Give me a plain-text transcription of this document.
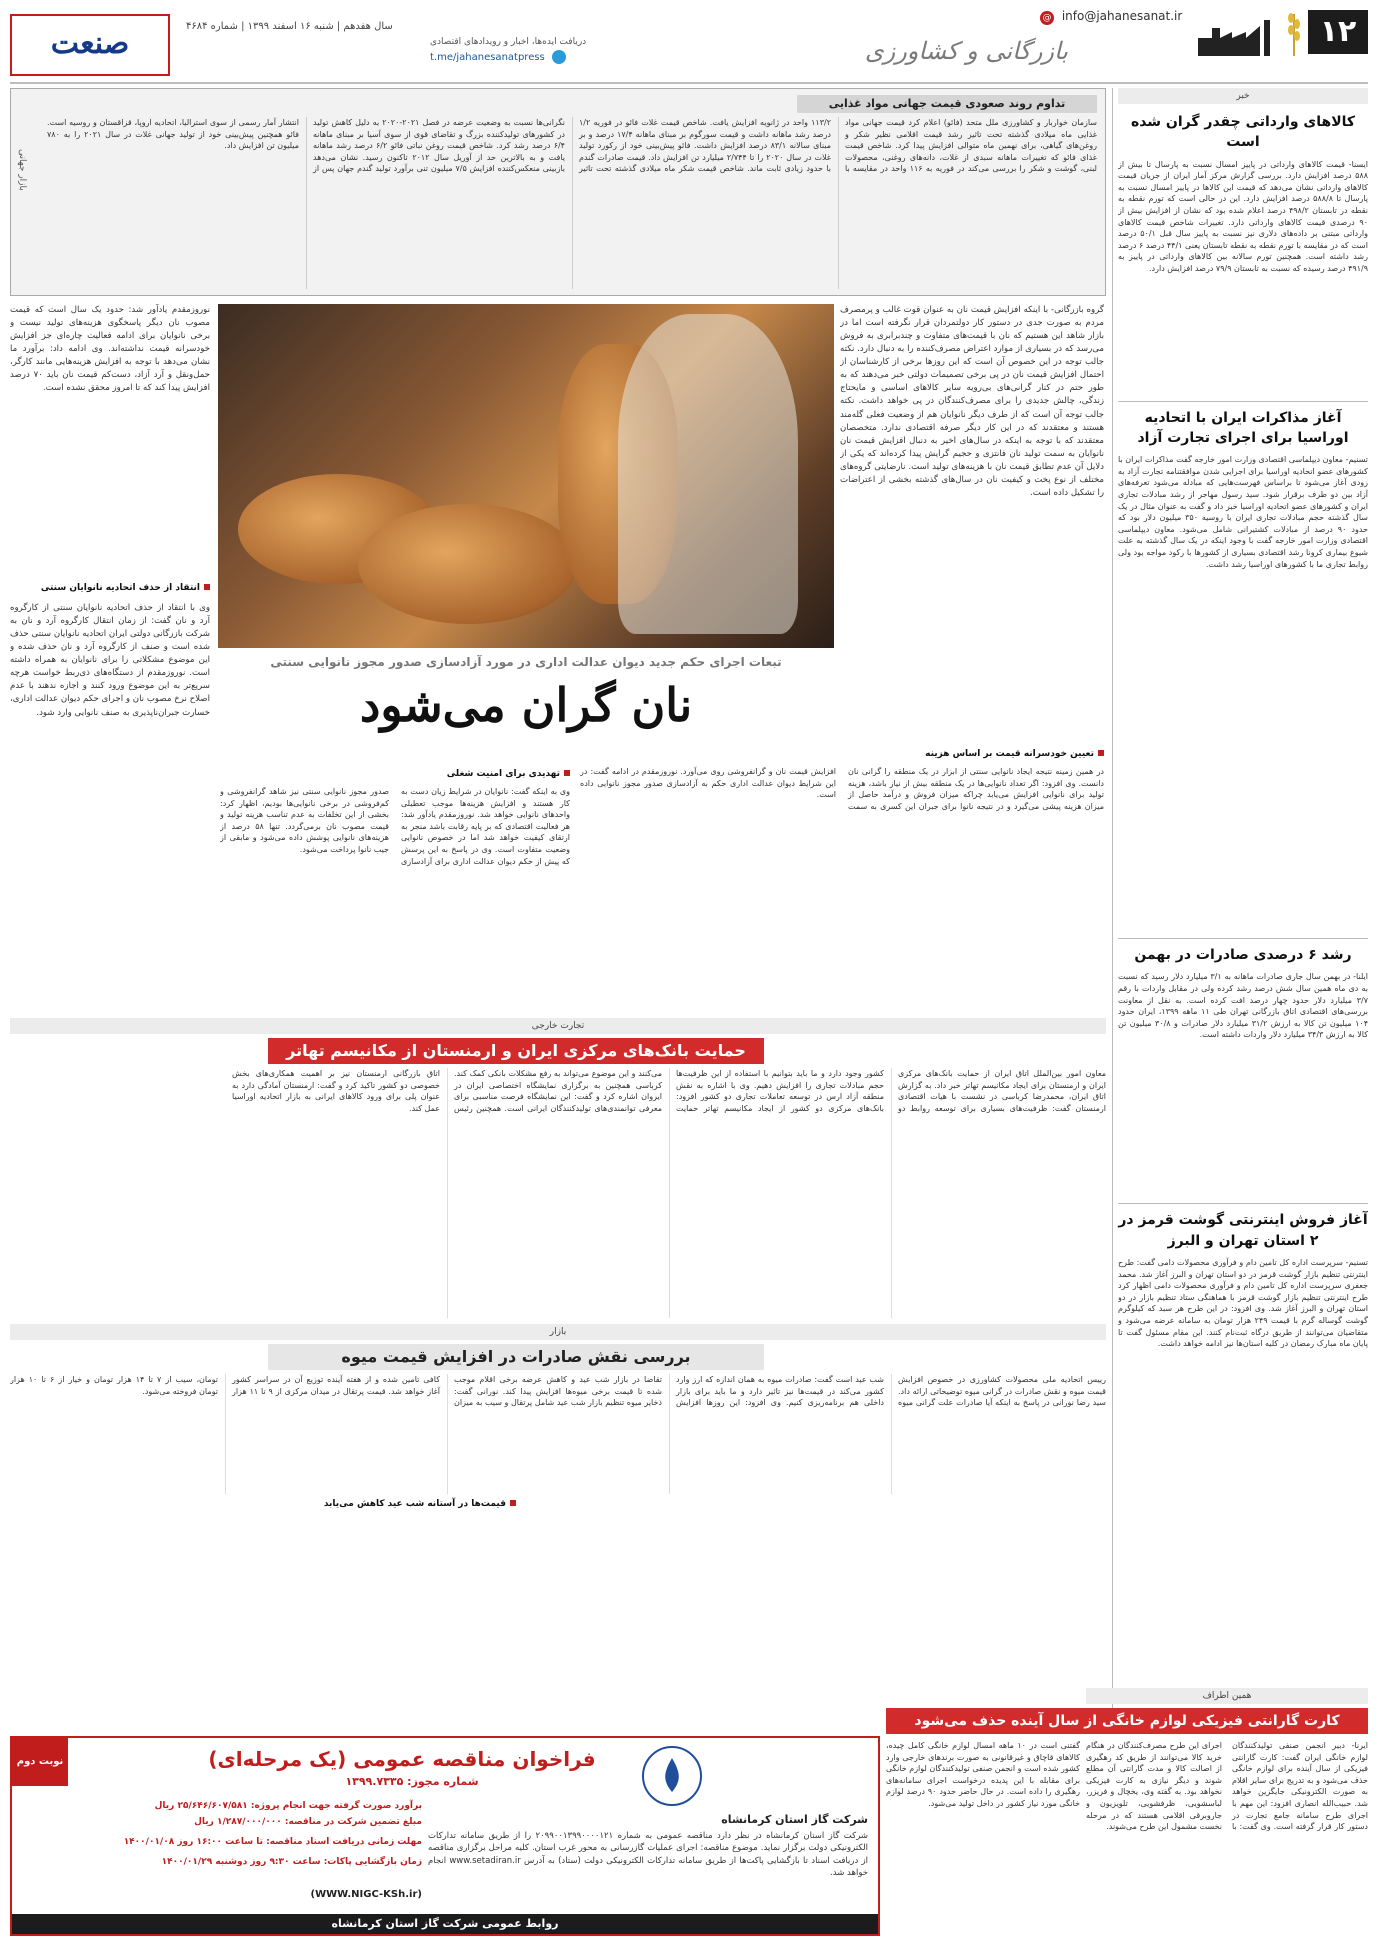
۱۲
بازرگانی و کشاورزی
info@jahanesanat.ir @
دریافت ایده‌ها، اخبار و رویدادهای اقتصادی
t.me/jahanesanatpress
سال هفدهم | شنبه ۱۶ اسفند ۱۳۹۹ | شماره ۴۶۸۴
صنعت
خبر
کالاهای وارداتی چقدر گران شده است
ایسنا- قیمت کالاهای وارداتی در پاییز امسال نسبت به پارسال تا بیش از ۵۸۸ درصد افزایش دارد. بررسی گزارش مرکز آمار ایران از جریان قیمت کالاهای وارداتی نشان می‌دهد که قیمت این کالاها در پاییز امسال نسبت به پارسال تا ۵۸۸/۸ درصد افزایش دارد. این در حالی است که تورم نقطه به نقطه در تابستان ۴۹۸/۲ درصد اعلام شده بود که نشان از افزایش بیش از ۹۰ درصدی قیمت کالاهای وارداتی دارد. تغییرات شاخص قیمت کالاهای وارداتی مبتنی بر داده‌های دلاری نیز نسبت به پاییز سال قبل ۵۰/۱ درصد است که در مقایسه با تورم نقطه به نقطه تابستان یعنی ۴۴/۱ درصد ۶ درصد رشد داشته است. همچنین تورم سالانه بین کالاهای وارداتی در پاییز به ۴۹۱/۹ درصد رسیده که نسبت به تابستان ۷۹/۹ درصد افزایش دارد.
آغاز مذاکرات ایران با اتحادیه اوراسیا برای اجرای تجارت آزاد
تسنیم- معاون دیپلماسی اقتصادی وزارت امور خارجه گفت مذاکرات ایران با کشورهای عضو اتحادیه اوراسیا برای اجرایی شدن موافقتنامه تجارت آزاد به زودی آغاز می‌شود تا براساس فهرست‌هایی که مبادله می‌شود تعرفه‌های آزاد بین دو طرف برقرار شود. سید رسول مهاجر از رشد مبادلات تجاری ایران و کشورهای عضو اتحادیه اوراسیا خبر داد و گفت به عنوان مثال در یک سال گذشته حجم مبادلات تجاری ایران با روسیه ۳۵۰ میلیون دلار بود که حدود ۹۰ درصد از مبادلات کشتیرانی شامل می‌شود. معاون دیپلماسی اقتصادی وزارت امور خارجه گفت با وجود اینکه در یک سال گذشته به علت شیوع بیماری کرونا رشد اقتصادی بسیاری از کشورها با رکود مواجه بود ولی روابط تجاری ما با کشورهای اوراسیا رشد داشت.
رشد ۶ درصدی صادرات در بهمن
ایلنا- در بهمن سال جاری صادرات ماهانه به ۳/۱ میلیارد دلار رسید که نسبت به دی ماه همین سال شش درصد رشد کرده ولی در مقابل واردات با رقم ۳/۷ میلیارد دلار حدود چهار درصد افت کرده است. به نقل از معاونت بررسی‌های اقتصادی اتاق بازرگانی تهران طی ۱۱ ماهه ۱۳۹۹، ایران حدود ۱۰۴ میلیون تن کالا به ارزش ۳۱/۲ میلیارد دلار صادرات و ۳۰/۸ میلیون تن کالا به ارزش ۳۴/۳ میلیارد دلار واردات داشته است.
آغاز فروش اینترنتی گوشت قرمز در ۲ استان تهران و البرز
تسنیم- سرپرست اداره کل تامین دام و فرآوری محصولات دامی گفت: طرح اینترنتی تنظیم بازار گوشت قرمز در دو استان تهران و البرز آغاز شد. محمد جعفری سرپرست اداره کل تامین دام و فرآوری محصولات دامی اظهار کرد طرح اینترنتی تنظیم بازار گوشت قرمز با هماهنگی ستاد تنظیم بازار در دو استان تهران و البرز آغاز شد. وی افزود: در این طرح هر سبد که کیلوگرم گوشت گوساله گرم با قیمت ۲۴۹ هزار تومان به سامانه عرضه می‌شود و متقاضیان می‌توانند از طریق درگاه ثبت‌نام کنند. این مقام مسئول گفت تا پایان ماه مبارک رمضان در کلیه استان‌ها نیز ادامه خواهد داشت.
تداوم روند صعودی قیمت جهانی مواد غذایی
سازمان خواربار و کشاورزی ملل متحد (فائو) اعلام کرد قیمت جهانی مواد غذایی ماه میلادی گذشته تحت تاثیر رشد قیمت اقلامی نظیر شکر و روغن‌های گیاهی، برای نهمین ماه متوالی افزایش پیدا کرد. شاخص قیمت غذای فائو که تغییرات ماهانه سبدی از غلات، دانه‌های روغنی، محصولات لبنی، گوشت و شکر را بررسی می‌کند در فوریه به ۱۱۶ واحد در مقایسه با ۱۱۳/۲ واحد در ژانویه افزایش یافت. شاخص قیمت غلات فائو در فوریه ۱/۲ درصد رشد ماهانه داشت و قیمت سورگوم بر مبنای ماهانه ۱۷/۴ درصد و بر مبنای سالانه ۸۳/۱ درصد افزایش داشت. فائو پیش‌بینی خود از رکورد تولید غلات در سال ۲۰۲۰ را تا ۲/۷۴۴ میلیارد تن افزایش داد. قیمت صادرات گندم با حدود زیادی ثابت ماند. شاخص قیمت شکر ماه میلادی گذشته تحت تاثیر نگرانی‌ها نسبت به وضعیت عرضه در فصل ۲۰۲۱-۲۰۲۰ به دلیل کاهش تولید در کشورهای تولیدکننده بزرگ و تقاضای قوی از سوی آسیا بر مبنای ماهانه ۶/۴ درصد رشد کرد. شاخص قیمت روغن نباتی فائو ۶/۲ درصد رشد ماهانه یافت و به بالاترین حد از آوریل سال ۲۰۱۲ تاکنون رسید. نشان می‌دهد بازبینی منعکس‌کننده افزایش ۷/۵ میلیون تنی برآورد تولید گندم جهان پس از انتشار آمار رسمی از سوی استرالیا، اتحادیه اروپا، قزاقستان و روسیه است. فائو همچنین پیش‌بینی خود از تولید جهانی غلات در سال ۲۰۲۱ را به ۷۸۰ میلیون تن افزایش داد.
بازار جهانی
تبعات اجرای حکم جدید دیوان عدالت اداری در مورد آزادسازی صدور مجوز نانوایی سنتی
نان گران می‌شود
گروه بازرگانی- با اینکه افزایش قیمت نان به عنوان قوت غالب و پرمصرف مردم به صورت جدی در دستور کار دولتمردان قرار نگرفته است اما در بازار شاهد این هستیم که نان با قیمت‌های متفاوت و چندبرابری به فروش می‌رسد که در بسیاری از موارد اعتراض مصرف‌کننده را به دنبال دارد. نکته جالب توجه در این خصوص آن است که این روزها برخی از کارشناسان از احتمال افزایش قیمت نان در پی برخی تصمیمات دولتی خبر می‌دهند که به طور حتم در کنار گرانی‌های بی‌رویه سایر کالاهای اساسی و مایحتاج زندگی، چالش جدیدی را برای مصرف‌کنندگان در پی خواهد داشت. نکته جالب توجه آن است که از طرف دیگر نانوایان هم از وضعیت فعلی گله‌مند هستند و معتقدند که در این کار دیگر صرفه اقتصادی ندارد. متخصصان معتقدند که با توجه به اینکه در سال‌های اخیر به دنبال افزایش قیمت نان نانوایان به سمت تولید نان فانتزی و حجیم گرایش پیدا کرده‌اند که یکی از دلایل آن عدم تطابق قیمت نان با هزینه‌های تولید است. نارضایتی گروه‌های مختلف از نوع پخت و کیفیت نان در سال‌های گذشته بخشی از اعتراضات را تشکیل داده است.
تعیین خودسرانه قیمت بر اساس هزینه
در همین زمینه نتیجه ایجاد نانوایی سنتی از ابزار در یک منطقه را گرانی نان دانست. وی افزود: اگر تعداد نانوایی‌ها در یک منطقه بیش از نیاز باشد، هزینه تولید برای نانوایی افزایش می‌یابد چراکه میزان فروش و درآمد حاصل از میزان هزینه پیشی می‌گیرد و در نتیجه نانوا برای جبران این کسری به سمت افزایش قیمت نان و گرانفروشی روی می‌آورد. نوروزمقدم در ادامه گفت: در این شرایط دیوان عدالت اداری حکم به آزادسازی صدور مجوز نانوایی داده است.
تهدیدی برای امنیت شغلی
وی به اینکه گفت: نانوایان در شرایط زیان دست به کار هستند و افزایش هزینه‌ها موجب تعطیلی واحدهای نانوایی خواهد شد. نوروزمقدم یادآور شد: هر فعالیت اقتصادی که بر پایه رقابت باشد منجر به ارتقای کیفیت خواهد شد اما در خصوص نانوایی وضعیت متفاوت است. وی در پاسخ به این پرسش که پیش از حکم دیوان عدالت اداری برای آزادسازی صدور مجوز نانوایی سنتی نیز شاهد گرانفروشی و کم‌فروشی در برخی نانوایی‌ها بودیم، اظهار کرد: بخشی از این تخلفات به عدم تناسب هزینه تولید و قیمت مصوب نان برمی‌گردد. تنها ۵۸ درصد از هزینه‌های نانوایی پوشش داده می‌شود و مابقی از جیب نانوا پرداخت می‌شود.
نوروزمقدم یادآور شد: حدود یک سال است که قیمت مصوب نان دیگر پاسخگوی هزینه‌های تولید نیست و برخی نانوایان برای ادامه فعالیت چاره‌ای جز افزایش خودسرانه قیمت نداشته‌اند. وی ادامه داد: برآورد ما نشان می‌دهد با توجه به افزایش هزینه‌هایی مانند کارگر، حمل‌ونقل و آرد آزاد، دست‌کم قیمت نان باید ۷۰ درصد افزایش پیدا کند که تا امروز محقق نشده است.
انتقاد از حذف اتحادیه نانوایان سنتی
وی با انتقاد از حذف اتحادیه نانوایان سنتی از کارگروه آرد و نان گفت: از زمان انتقال کارگروه آرد و نان به شرکت بازرگانی دولتی ایران اتحادیه نانوایان سنتی حذف شده است و صنف از کارگروه آرد و نان حذف شده و این موضوع مشکلاتی را برای نانوایان به همراه داشته است. نوروزمقدم از دستگاه‌های ذی‌ربط خواست هرچه سریع‌تر به این موضوع ورود کنند و اجازه ندهند با عدم اصلاح نرخ مصوب نان و اجرای حکم دیوان عدالت اداری، خسارت جبران‌ناپذیری به صنف نانوایی وارد شود.
تجارت خارجی
حمایت بانک‌های مرکزی ایران و ارمنستان از مکانیسم تهاتر
معاون امور بین‌الملل اتاق ایران از حمایت بانک‌های مرکزی ایران و ارمنستان برای ایجاد مکانیسم تهاتر خبر داد. به گزارش اتاق ایران، محمدرضا کرباسی در نشست با هیات اقتصادی ارمنستان گفت: ظرفیت‌های بسیاری برای توسعه روابط دو کشور وجود دارد و ما باید بتوانیم با استفاده از این ظرفیت‌ها حجم مبادلات تجاری را افزایش دهیم. وی با اشاره به نقش منطقه آزاد ارس در توسعه تعاملات تجاری دو کشور افزود: بانک‌های مرکزی دو کشور از ایجاد مکانیسم تهاتر حمایت می‌کنند و این موضوع می‌تواند به رفع مشکلات بانکی کمک کند. کرباسی همچنین به برگزاری نمایشگاه اختصاصی ایران در ایروان اشاره کرد و گفت: این نمایشگاه فرصت مناسبی برای معرفی توانمندی‌های تولیدکنندگان ایرانی است. همچنین رئیس اتاق بازرگانی ارمنستان نیز بر اهمیت همکاری‌های بخش خصوصی دو کشور تاکید کرد و گفت: ارمنستان آمادگی دارد به عنوان پلی برای ورود کالاهای ایرانی به بازار اتحادیه اوراسیا عمل کند.
بازار
بررسی نقش صادرات در افزایش قیمت میوه
قیمت‌ها در آستانه شب عید کاهش می‌یابد
رییس اتحادیه ملی محصولات کشاورزی در خصوص افزایش قیمت میوه و نقش صادرات در گرانی میوه توضیحاتی ارائه داد. سید رضا نورانی در پاسخ به اینکه آیا صادرات علت گرانی میوه شب عید است گفت: صادرات میوه به همان اندازه که ارز وارد کشور می‌کند در قیمت‌ها نیز تاثیر دارد و ما باید برای بازار داخلی هم برنامه‌ریزی کنیم. وی افزود: این روزها افزایش تقاضا در بازار شب عید و کاهش عرضه برخی اقلام موجب شده تا قیمت برخی میوه‌ها افزایش پیدا کند. نورانی گفت: ذخایر میوه تنظیم بازار شب عید شامل پرتقال و سیب به میزان کافی تامین شده و از هفته آینده توزیع آن در سراسر کشور آغاز خواهد شد. قیمت پرتقال در میدان مرکزی از ۹ تا ۱۱ هزار تومان، سیب از ۷ تا ۱۴ هزار تومان و خیار از ۶ تا ۱۰ هزار تومان فروخته می‌شود.
همین اطراف
کارت گارانتی فیزیکی لوازم خانگی از سال آینده حذف می‌شود
ایرنا- دبیر انجمن صنفی تولیدکنندگان لوازم خانگی ایران گفت: کارت گارانتی فیزیکی از سال آینده برای لوازم خانگی حذف می‌شود و به تدریج برای سایر اقلام به صورت الکترونیکی جایگزین خواهد شد. حبیب‌الله انصاری افزود: این مهم با اجرای طرح سامانه جامع تجارت در دستور کار قرار گرفته است. وی گفت: با اجرای این طرح مصرف‌کنندگان در هنگام خرید کالا می‌توانند از طریق کد رهگیری از اصالت کالا و مدت گارانتی آن مطلع شوند و دیگر نیازی به کارت فیزیکی نخواهد بود. به گفته وی، یخچال و فریزر، لباسشویی، ظرفشویی، تلویزیون و جاروبرقی اقلامی هستند که در مرحله نخست مشمول این طرح می‌شوند.
گفتنی است در ۱۰ ماهه امسال لوازم خانگی کامل چیده، کالاهای قاچاق و غیرقانونی به صورت برندهای خارجی وارد کشور شده است و انجمن صنفی تولیدکنندگان لوازم خانگی برای مقابله با این پدیده درخواست اجرای سامانه‌های رهگیری را داده است. در حال حاضر حدود ۹۰ درصد لوازم خانگی مورد نیاز کشور در داخل تولید می‌شود.
نوبت دوم	فراخوان مناقصه عمومی (یک مرحله‌ای)
شماره مجوز: ۱۳۹۹.۷۳۳۵
شرکت گاز استان کرمانشاه
شرکت گاز استان کرمانشاه در نظر دارد مناقصه عمومی به شماره ۲۰۹۹۰۰۱۳۹۹۰۰۰۰۱۲۱ را از طریق سامانه تدارکات الکترونیکی دولت برگزار نماید. موضوع مناقصه: اجرای عملیات گازرسانی به محور غرب استان. کلیه مراحل برگزاری مناقصه از دریافت اسناد تا بازگشایی پاکت‌ها از طریق سامانه تدارکات الکترونیکی دولت (ستاد) به آدرس www.setadiran.ir انجام خواهد شد.
برآورد صورت گرفته جهت انجام پروژه: ۲۵/۶۴۶/۶۰۷/۵۸۱ ریال
مبلغ تضمین شرکت در مناقصه: ۱/۲۸۷/۰۰۰/۰۰۰ ریال
مهلت زمانی دریافت اسناد مناقصه: تا ساعت ۱۶:۰۰ روز ۱۴۰۰/۰۱/۰۸
زمان بازگشایی پاکات: ساعت ۹:۳۰ روز دوشنبه ۱۴۰۰/۰۱/۲۹
(WWW.NIGC-KSh.ir)
روابط عمومی شرکت گاز استان کرمانشاه
